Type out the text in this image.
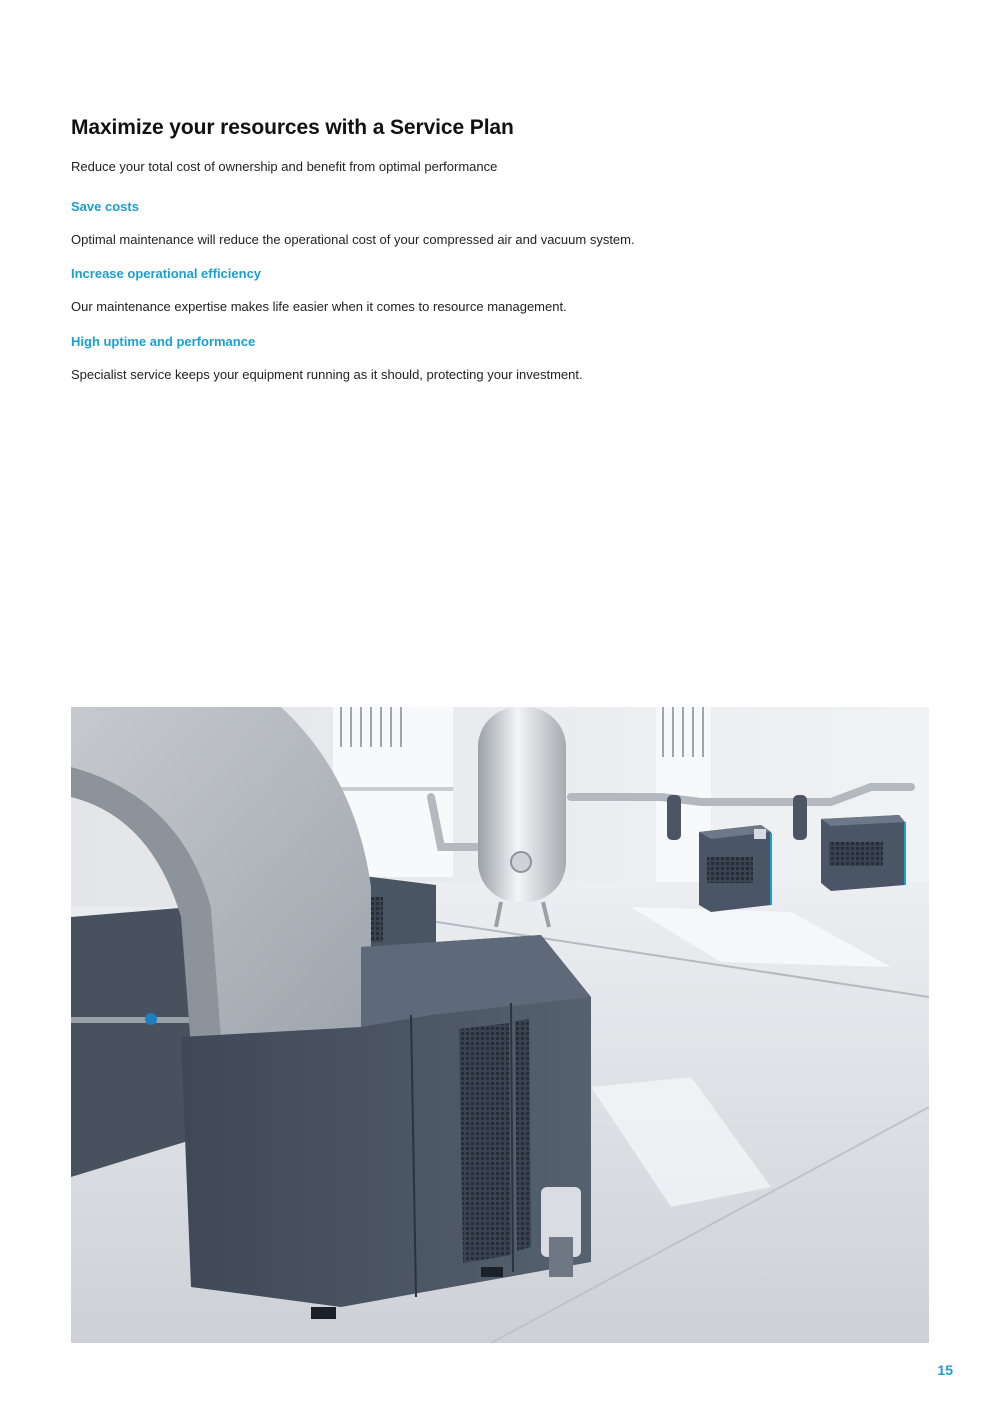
Maximize your resources with a Service Plan

Reduce your total cost of ownership and benefit from optimal performance

Save costs

Optimal maintenance will reduce the operational cost of your compressed air and vacuum system.

Increase operational efficiency

Our maintenance expertise makes life easier when it comes to resource management.

High uptime and performance

Specialist service keeps your equipment running as it should, protecting your investment.

15
